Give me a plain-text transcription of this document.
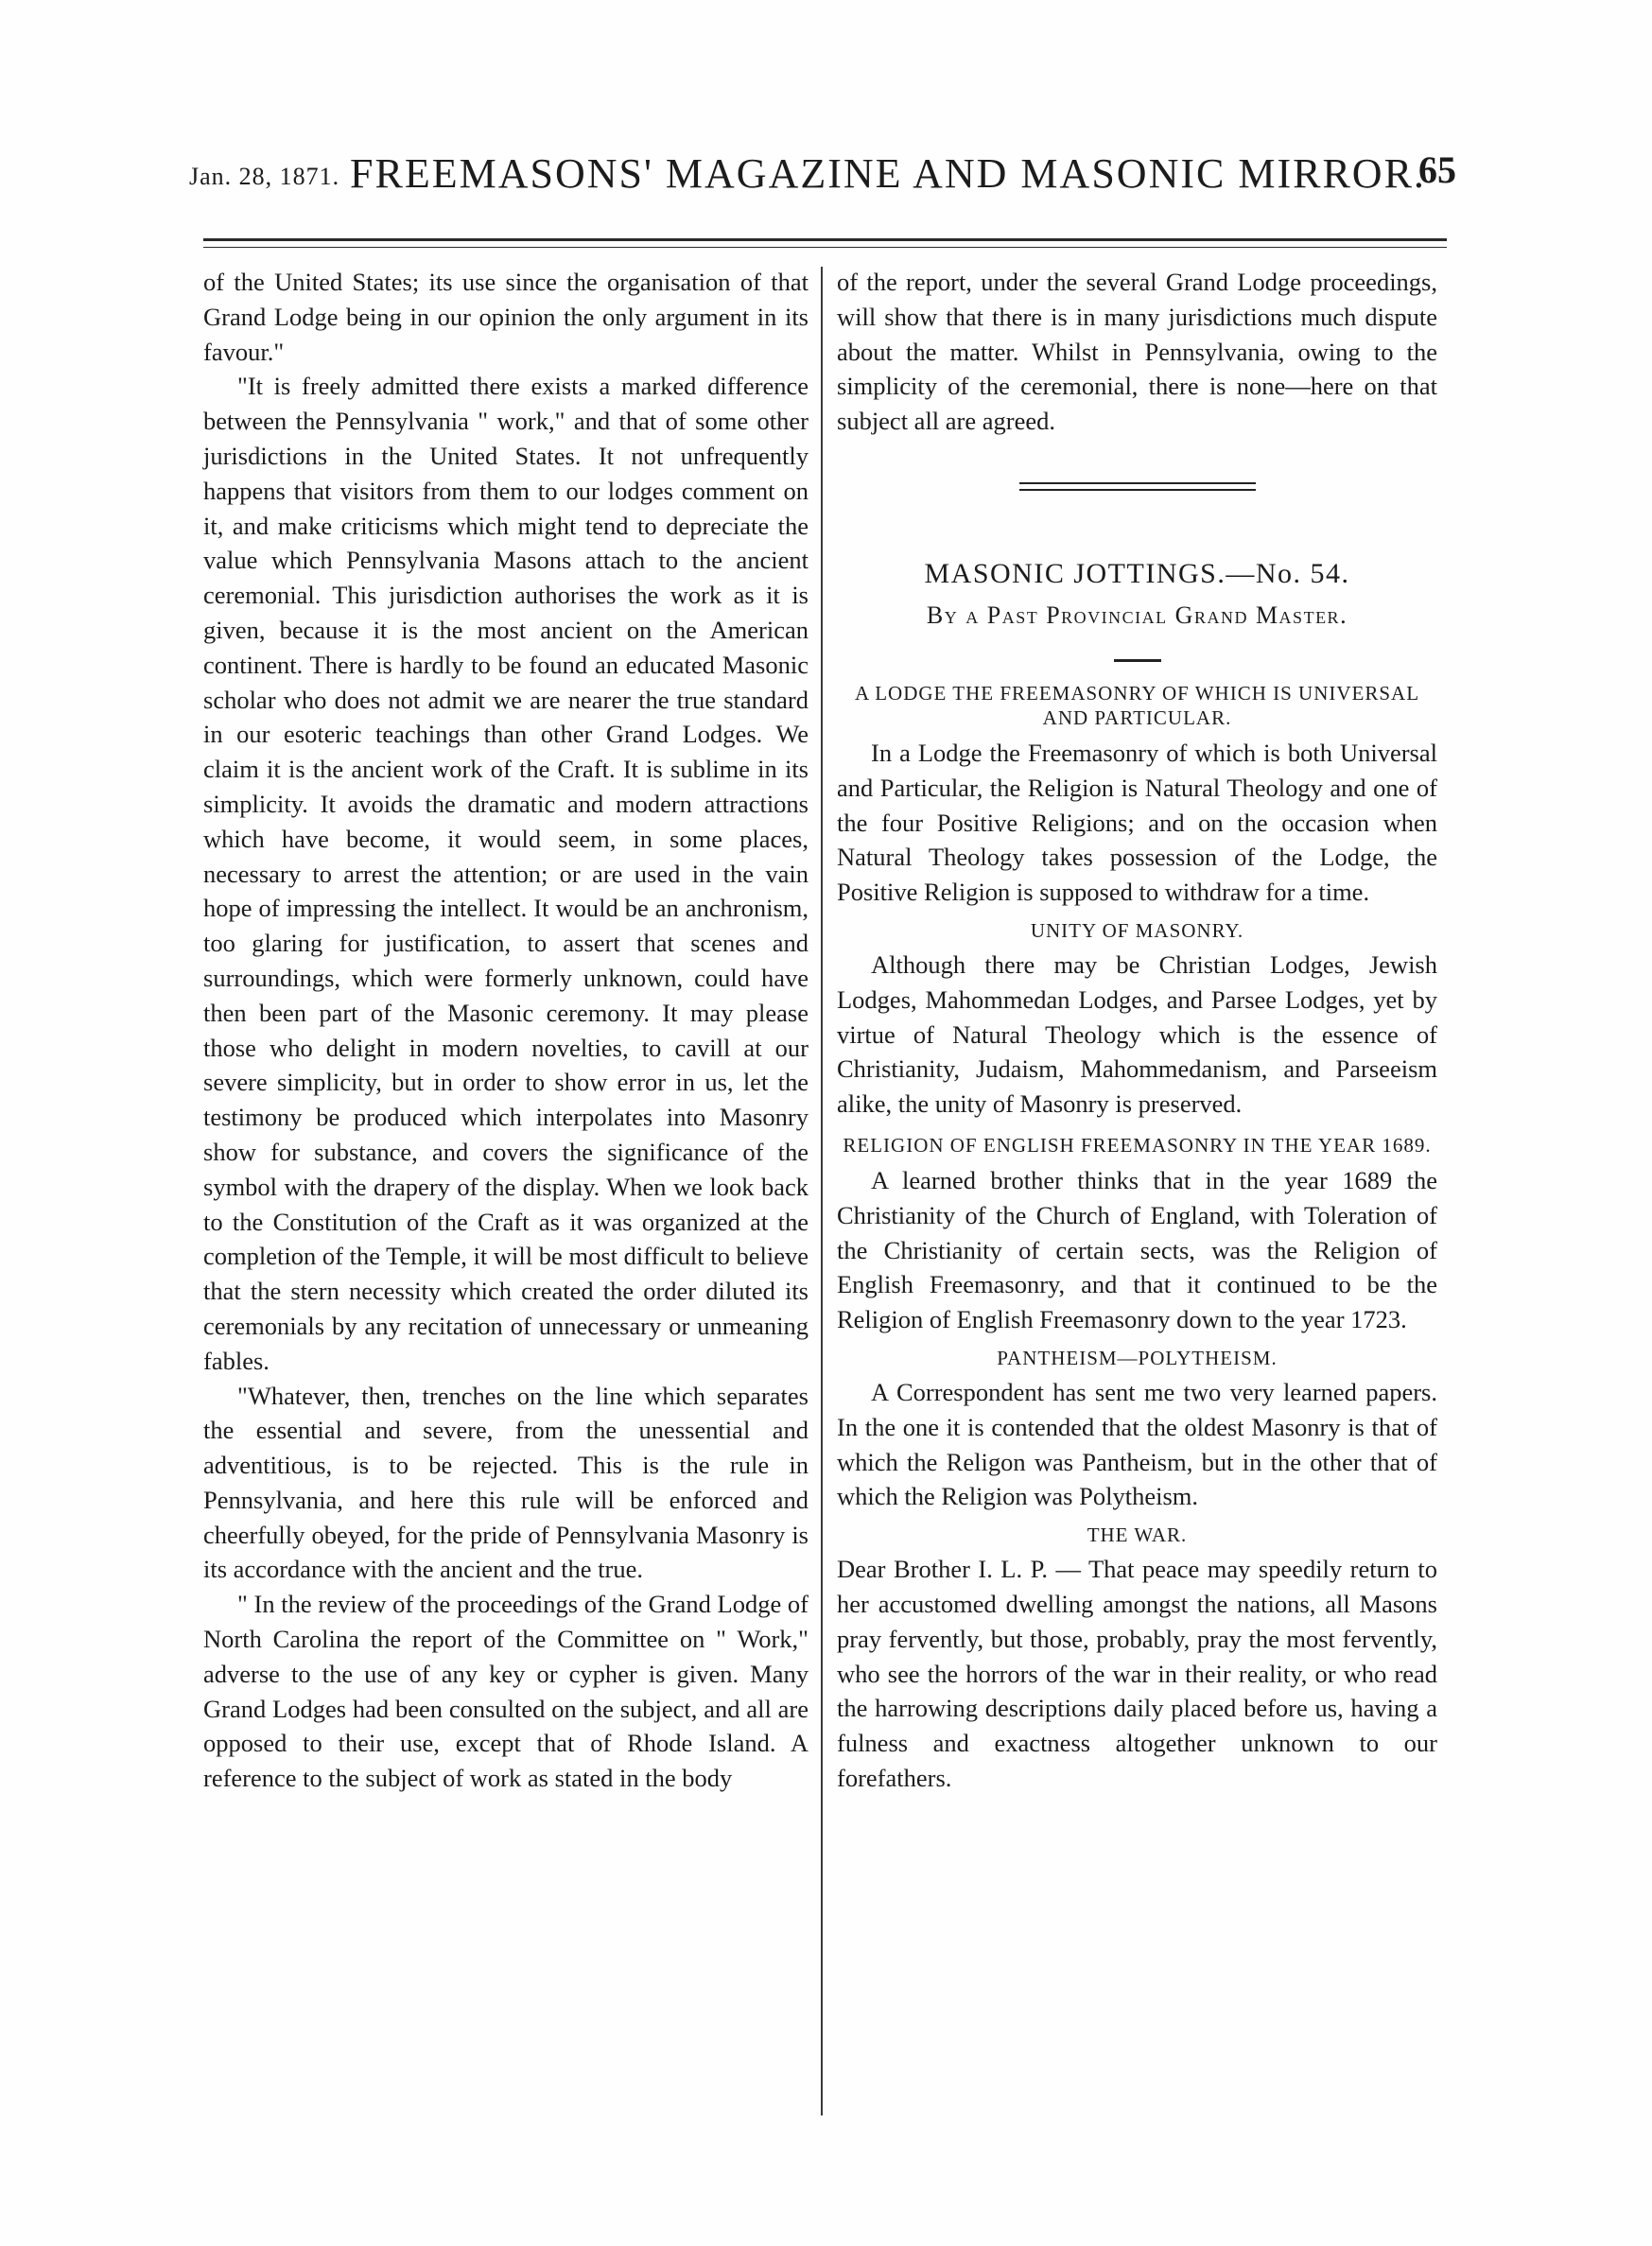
Jan. 28, 1871. FREEMASONS' MAGAZINE AND MASONIC MIRROR.
65

of the United States; its use since the organisation of that Grand Lodge being in our opinion the only argument in its favour."

"It is freely admitted there exists a marked difference between the Pennsylvania " work," and that of some other jurisdictions in the United States. It not unfrequently happens that visitors from them to our lodges comment on it, and make criticisms which might tend to depreciate the value which Pennsylvania Masons attach to the ancient ceremonial. This jurisdiction authorises the work as it is given, because it is the most ancient on the American continent. There is hardly to be found an educated Masonic scholar who does not admit we are nearer the true standard in our esoteric teachings than other Grand Lodges. We claim it is the ancient work of the Craft. It is sublime in its simplicity. It avoids the dramatic and modern attractions which have become, it would seem, in some places, necessary to arrest the attention; or are used in the vain hope of impressing the intellect. It would be an anchronism, too glaring for justification, to assert that scenes and surroundings, which were formerly unknown, could have then been part of the Masonic ceremony. It may please those who delight in modern novelties, to cavill at our severe simplicity, but in order to show error in us, let the testimony be produced which interpolates into Masonry show for substance, and covers the significance of the symbol with the drapery of the display. When we look back to the Constitution of the Craft as it was organized at the completion of the Temple, it will be most difficult to believe that the stern necessity which created the order diluted its ceremonials by any recitation of unnecessary or unmeaning fables.

"Whatever, then, trenches on the line which separates the essential and severe, from the unessential and adventitious, is to be rejected. This is the rule in Pennsylvania, and here this rule will be enforced and cheerfully obeyed, for the pride of Pennsylvania Masonry is its accordance with the ancient and the true.

" In the review of the proceedings of the Grand Lodge of North Carolina the report of the Committee on " Work," adverse to the use of any key or cypher is given. Many Grand Lodges had been consulted on the subject, and all are opposed to their use, except that of Rhode Island. A reference to the subject of work as stated in the body

of the report, under the several Grand Lodge proceedings, will show that there is in many jurisdictions much dispute about the matter. Whilst in Pennsylvania, owing to the simplicity of the ceremonial, there is none—here on that subject all are agreed.

MASONIC JOTTINGS.—No. 54.
By a Past Provincial Grand Master.
A LODGE THE FREEMASONRY OF WHICH IS UNIVERSAL AND PARTICULAR.

In a Lodge the Freemasonry of which is both Universal and Particular, the Religion is Natural Theology and one of the four Positive Religions; and on the occasion when Natural Theology takes possession of the Lodge, the Positive Religion is supposed to withdraw for a time.

UNITY OF MASONRY.

Although there may be Christian Lodges, Jewish Lodges, Mahommedan Lodges, and Parsee Lodges, yet by virtue of Natural Theology which is the essence of Christianity, Judaism, Mahommedanism, and Parseeism alike, the unity of Masonry is preserved.

RELIGION OF ENGLISH FREEMASONRY IN THE YEAR 1689.

A learned brother thinks that in the year 1689 the Christianity of the Church of England, with Toleration of the Christianity of certain sects, was the Religion of English Freemasonry, and that it continued to be the Religion of English Freemasonry down to the year 1723.

PANTHEISM—POLYTHEISM.

A Correspondent has sent me two very learned papers. In the one it is contended that the oldest Masonry is that of which the Religon was Pantheism, but in the other that of which the Religion was Polytheism.

THE WAR.

Dear Brother I. L. P. — That peace may speedily return to her accustomed dwelling amongst the nations, all Masons pray fervently, but those, probably, pray the most fervently, who see the horrors of the war in their reality, or who read the harrowing descriptions daily placed before us, having a fulness and exactness altogether unknown to our forefathers.
